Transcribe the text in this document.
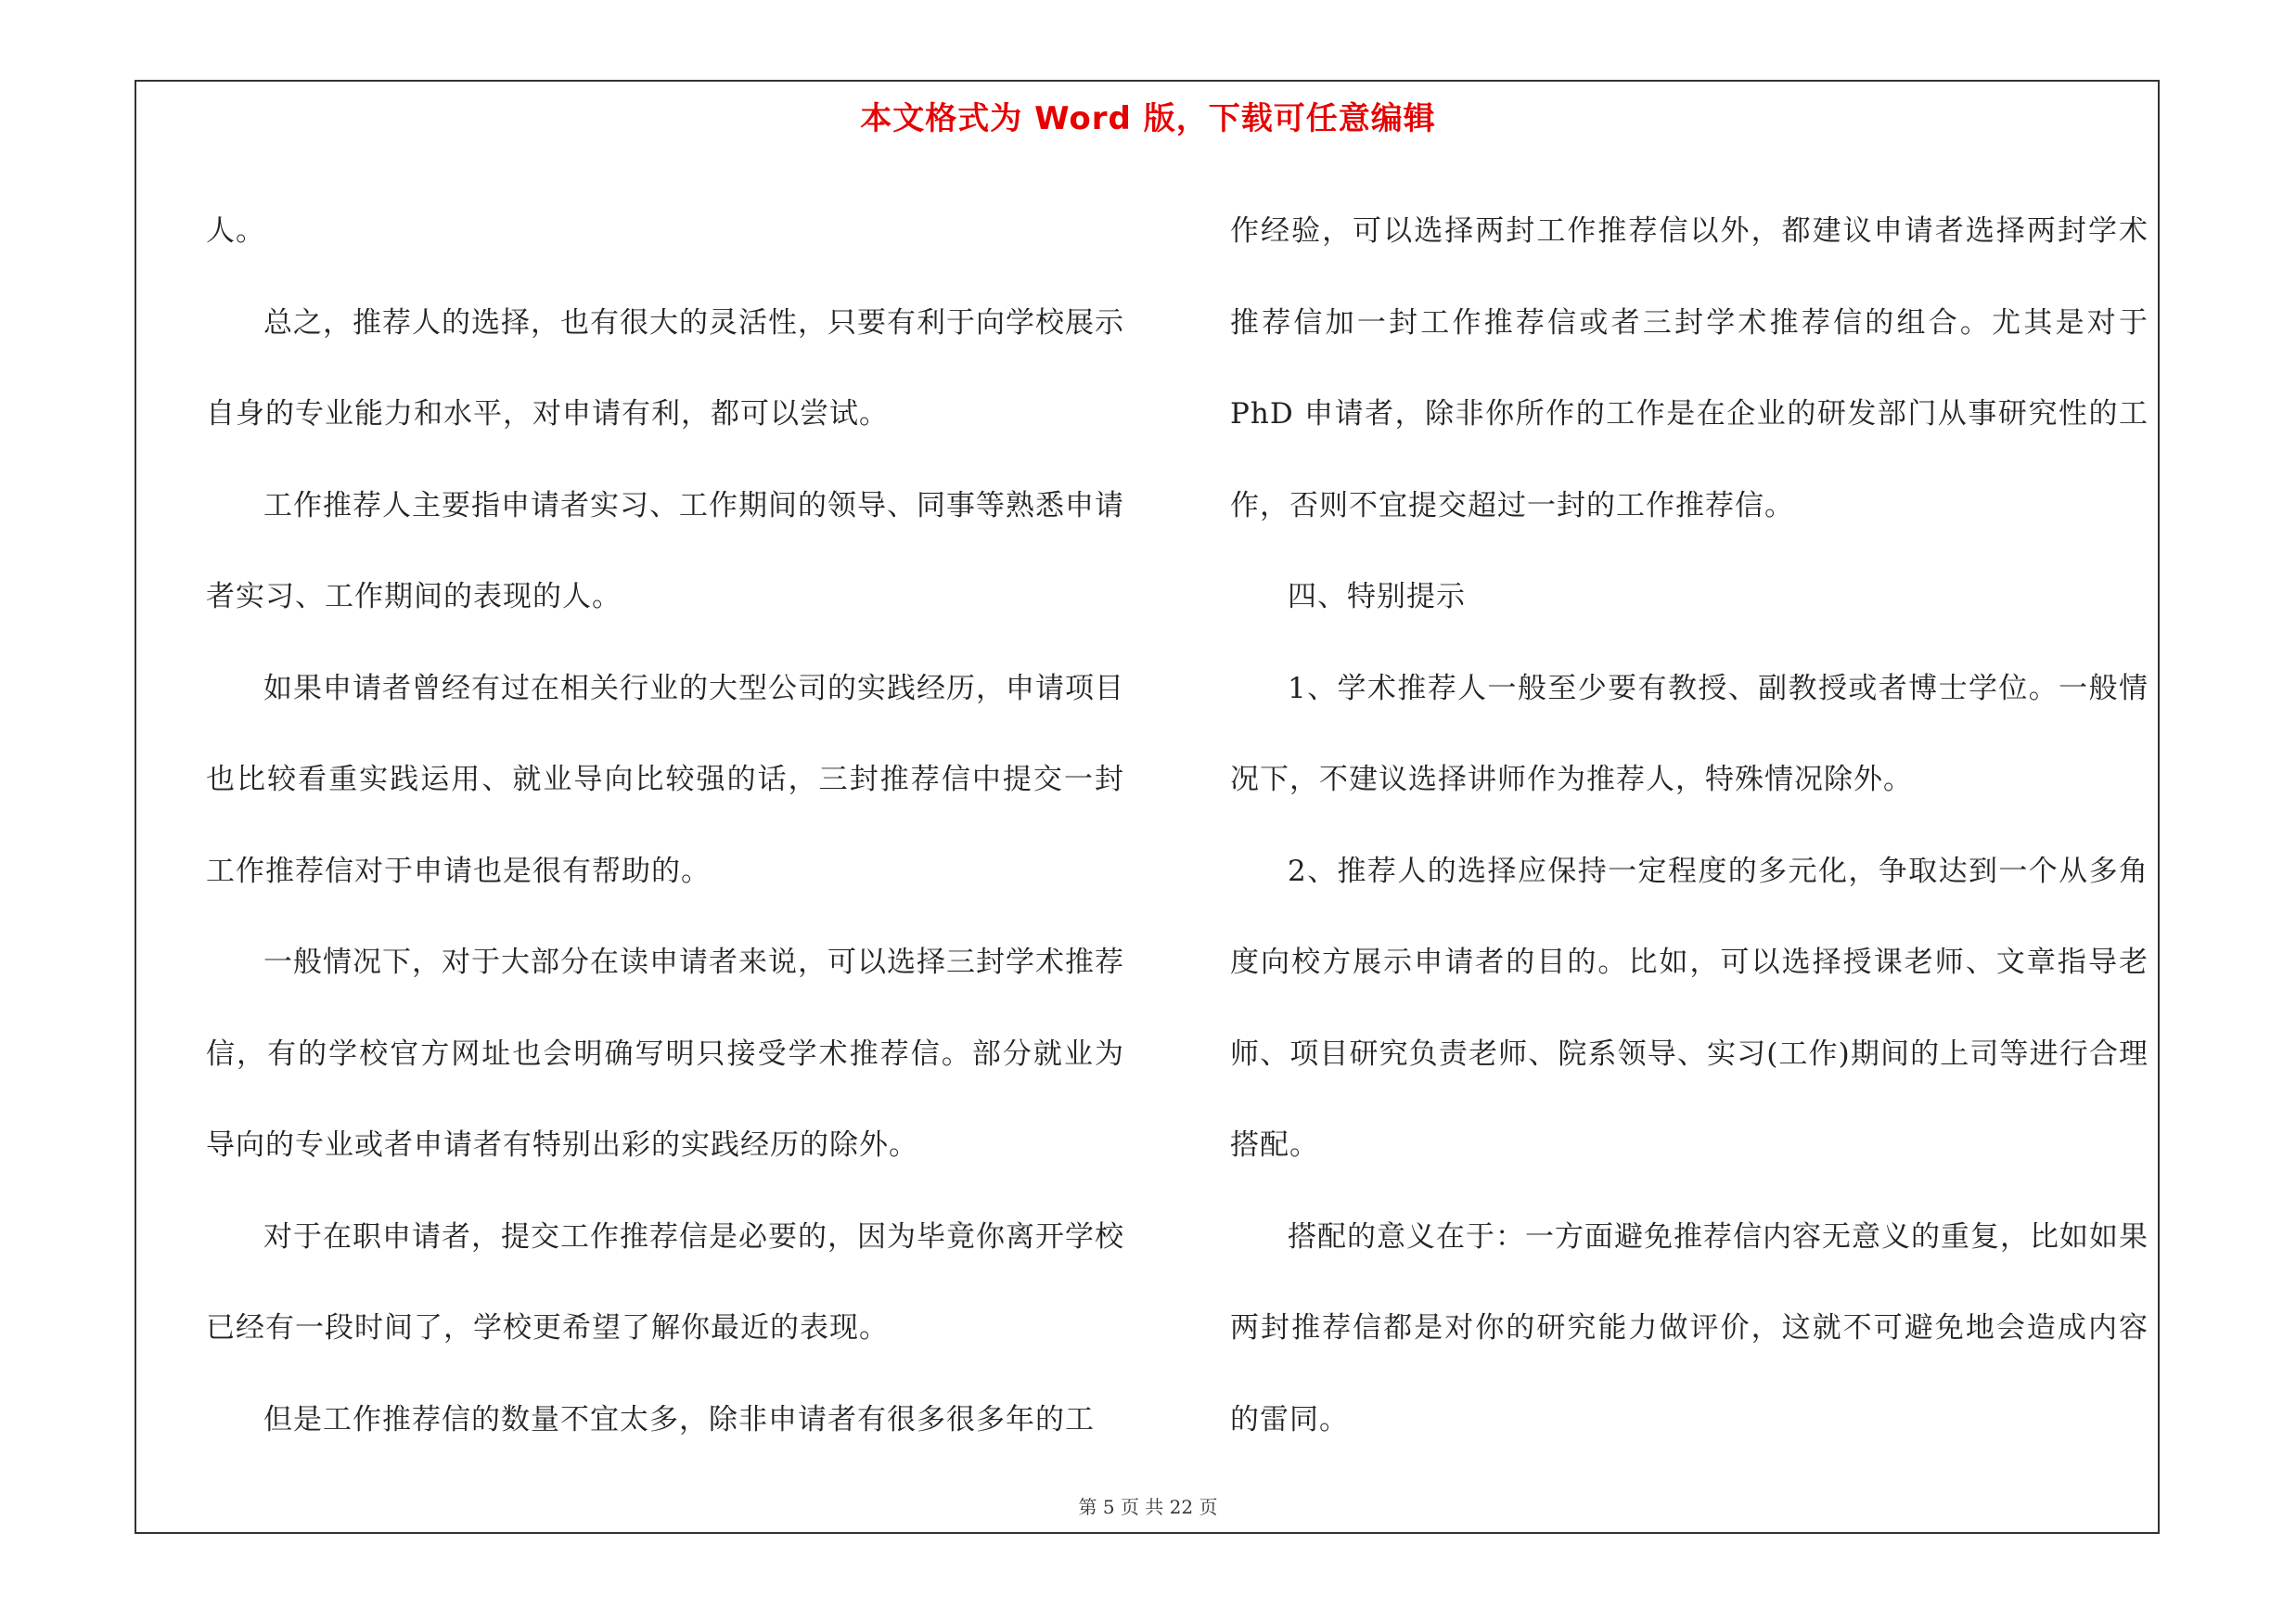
本文格式为 Word 版，下载可任意编辑

人。

总之，推荐人的选择，也有很大的灵活性，只要有利于向学校展示自身的专业能力和水平，对申请有利，都可以尝试。

工作推荐人主要指申请者实习、工作期间的领导、同事等熟悉申请者实习、工作期间的表现的人。

如果申请者曾经有过在相关行业的大型公司的实践经历，申请项目也比较看重实践运用、就业导向比较强的话，三封推荐信中提交一封工作推荐信对于申请也是很有帮助的。

一般情况下，对于大部分在读申请者来说，可以选择三封学术推荐信，有的学校官方网址也会明确写明只接受学术推荐信。部分就业为导向的专业或者申请者有特别出彩的实践经历的除外。

对于在职申请者，提交工作推荐信是必要的，因为毕竟你离开学校已经有一段时间了，学校更希望了解你最近的表现。

但是工作推荐信的数量不宜太多，除非申请者有很多很多年的工

作经验，可以选择两封工作推荐信以外，都建议申请者选择两封学术推荐信加一封工作推荐信或者三封学术推荐信的组合。尤其是对于PhD 申请者，除非你所作的工作是在企业的研发部门从事研究性的工作，否则不宜提交超过一封的工作推荐信。

四、特别提示

1、学术推荐人一般至少要有教授、副教授或者博士学位。一般情况下，不建议选择讲师作为推荐人，特殊情况除外。

2、推荐人的选择应保持一定程度的多元化，争取达到一个从多角度向校方展示申请者的目的。比如，可以选择授课老师、文章指导老师、项目研究负责老师、院系领导、实习(工作)期间的上司等进行合理搭配。

搭配的意义在于：一方面避免推荐信内容无意义的重复，比如如果两封推荐信都是对你的研究能力做评价，这就不可避免地会造成内容的雷同。

第 5 页 共 22 页
